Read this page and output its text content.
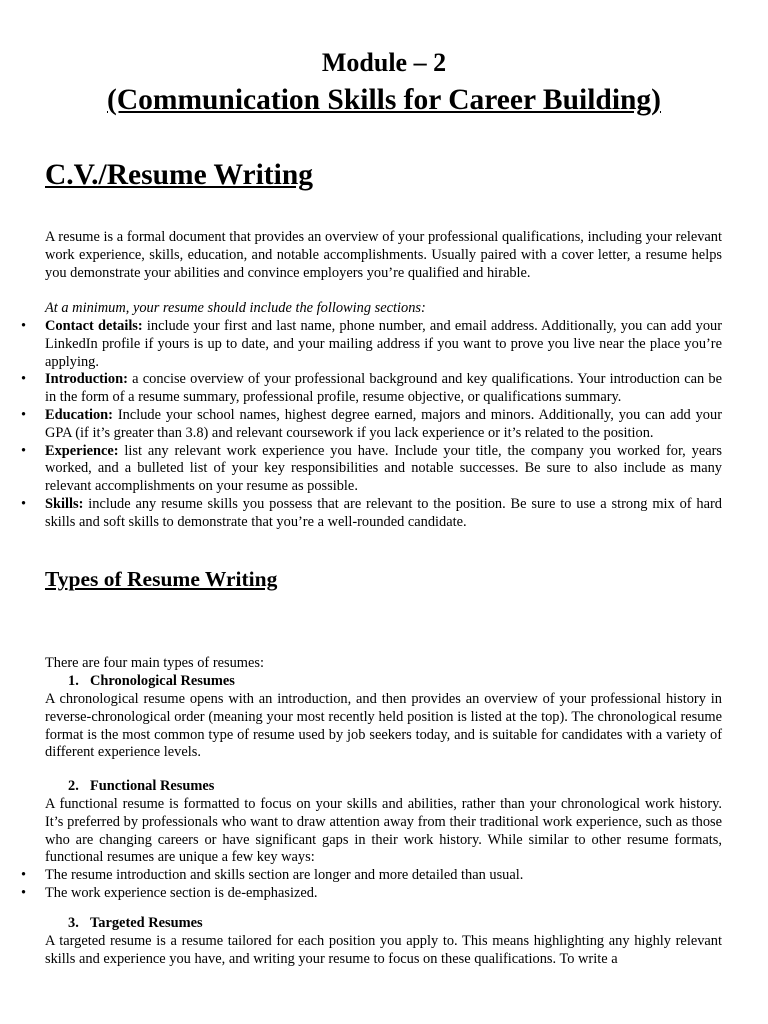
Module – 2
(Communication Skills for Career Building)
C.V./Resume Writing

A resume is a formal document that provides an overview of your professional qualifications, including your relevant work experience, skills, education, and notable accomplishments. Usually paired with a cover letter, a resume helps you demonstrate your abilities and convince employers you’re qualified and hirable.

At a minimum, your resume should include the following sections:

• Contact details: include your first and last name, phone number, and email address. Additionally, you can add your LinkedIn profile if yours is up to date, and your mailing address if you want to prove you live near the place you’re applying.
• Introduction: a concise overview of your professional background and key qualifications. Your introduction can be in the form of a resume summary, professional profile, resume objective, or qualifications summary.
• Education: Include your school names, highest degree earned, majors and minors. Additionally, you can add your GPA (if it’s greater than 3.8) and relevant coursework if you lack experience or it’s related to the position.
• Experience: list any relevant work experience you have. Include your title, the company you worked for, years worked, and a bulleted list of your key responsibilities and notable successes. Be sure to also include as many relevant accomplishments on your resume as possible.
• Skills: include any resume skills you possess that are relevant to the position. Be sure to use a strong mix of hard skills and soft skills to demonstrate that you’re a well-rounded candidate.
Types of Resume Writing

There are four main types of resumes:

1. Chronological Resumes

A chronological resume opens with an introduction, and then provides an overview of your professional history in reverse-chronological order (meaning your most recently held position is listed at the top). The chronological resume format is the most common type of resume used by job seekers today, and is suitable for candidates with a variety of different experience levels.

2. Functional Resumes

A functional resume is formatted to focus on your skills and abilities, rather than your chronological work history. It’s preferred by professionals who want to draw attention away from their traditional work experience, such as those who are changing careers or have significant gaps in their work history. While similar to other resume formats, functional resumes are unique a few key ways:

• The resume introduction and skills section are longer and more detailed than usual.
• The work experience section is de-emphasized.

3. Targeted Resumes

A targeted resume is a resume tailored for each position you apply to. This means highlighting any highly relevant skills and experience you have, and writing your resume to focus on these qualifications. To write a
